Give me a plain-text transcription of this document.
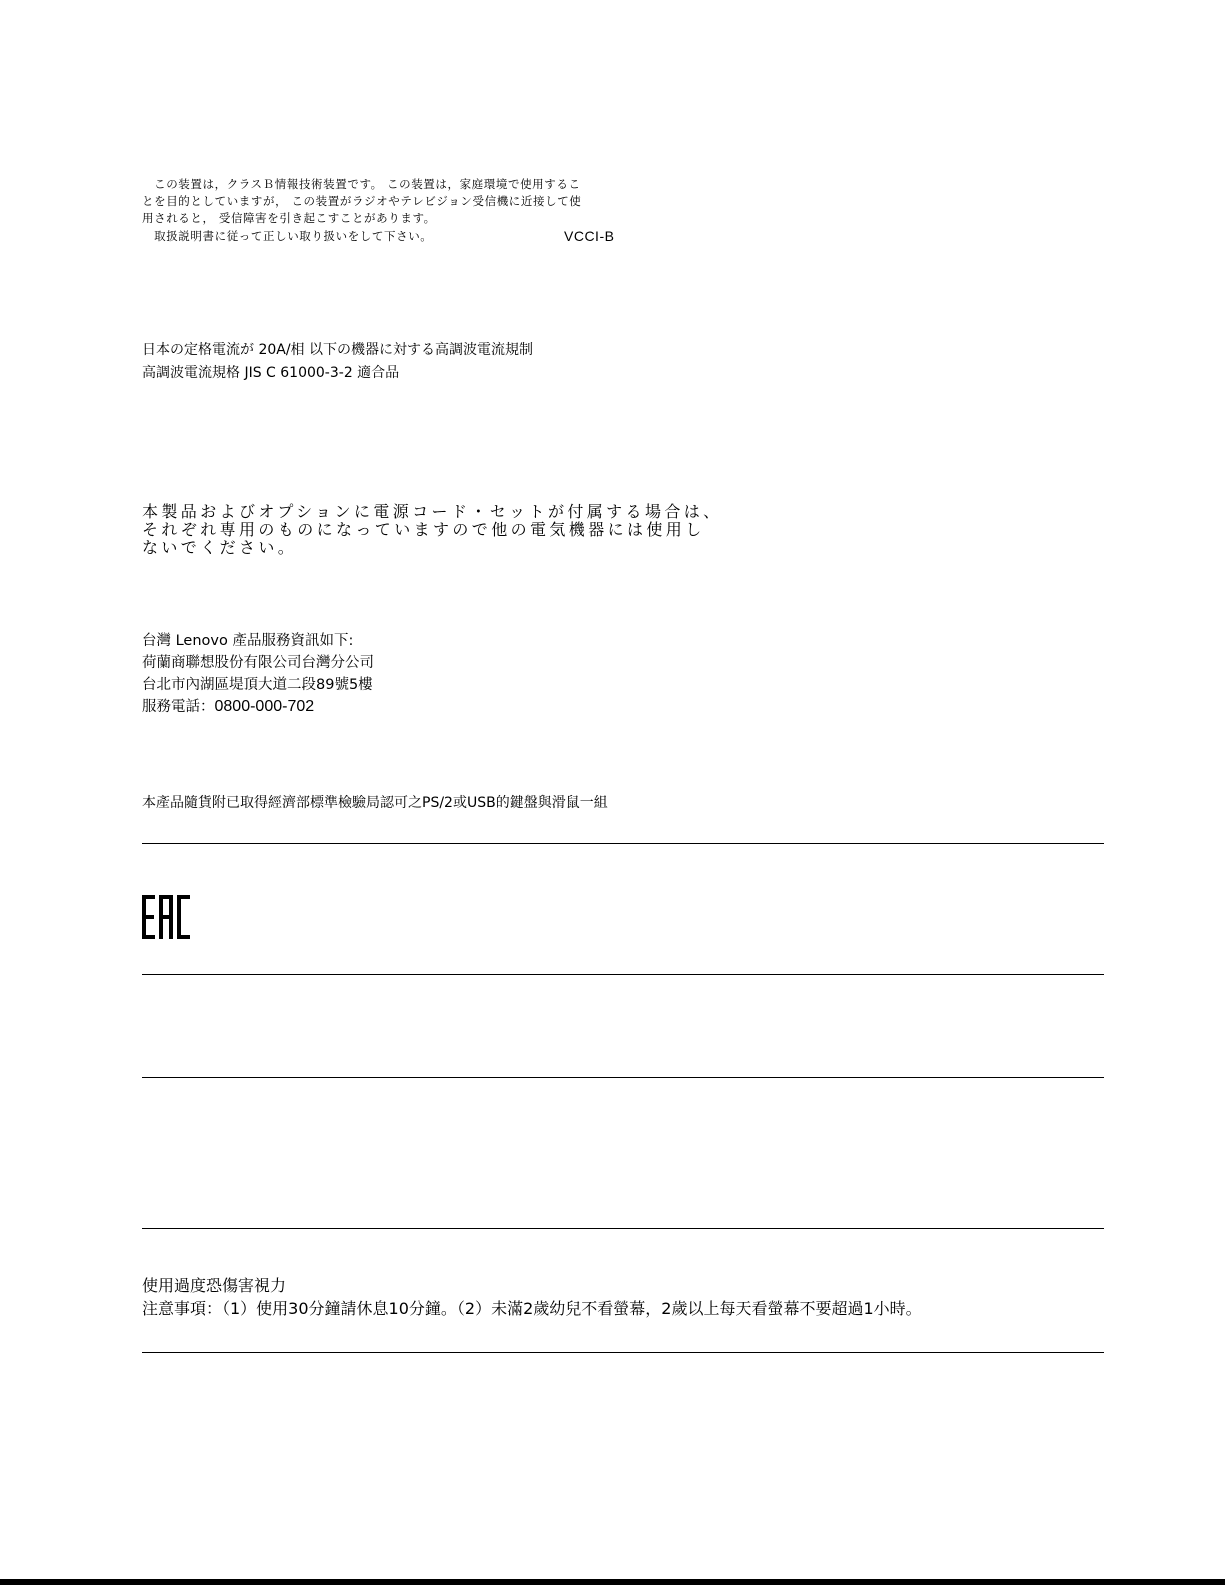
　この装置は，クラスＢ情報技術装置です。 この装置は，家庭環境で使用するこ
とを目的としていますが， この装置がラジオやテレビジョン受信機に近接して使
用されると， 受信障害を引き起こすことがあります。
　取扱説明書に従って正しい取り扱いをして下さい。	VCCI-B
日本の定格電流が 20A/相 以下の機器に対する高調波電流規制
高調波電流規格 JIS C 61000-3-2 適合品
本製品およびオプションに電源コード・セットが付属する場合は、
それぞれ専用のものになっていますので他の電気機器には使用し
ないでください。
台灣 Lenovo 產品服務資訊如下:
荷蘭商聯想股份有限公司台灣分公司
台北市內湖區堤頂大道二段89號5樓
服務電話：0800-000-702
本產品隨貨附已取得經濟部標準檢驗局認可之PS/2或USB的鍵盤與滑鼠一組
使用過度恐傷害視力
注意事項：（1）使用30分鐘請休息10分鐘。（2）未滿2歲幼兒不看螢幕，2歲以上每天看螢幕不要超過1小時。
